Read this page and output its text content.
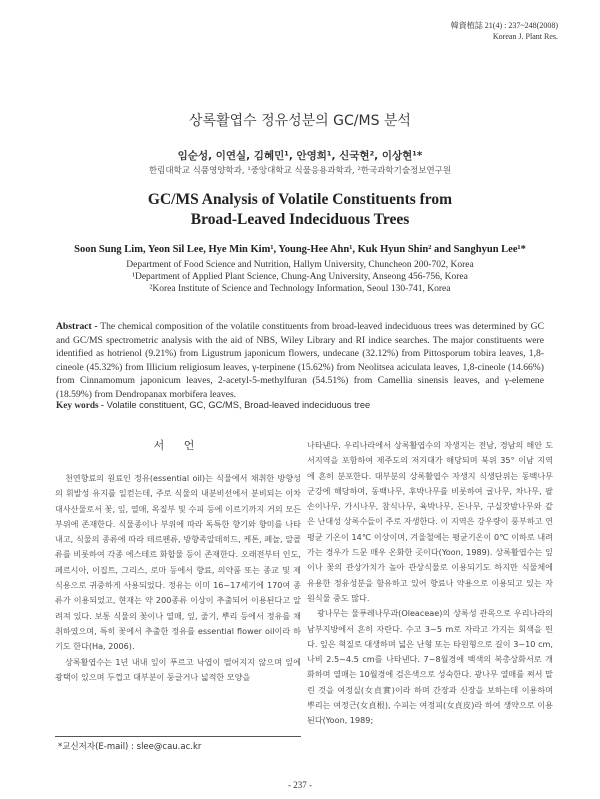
韓資植誌 21(4) : 237~248(2008)
Korean J. Plant Res.
상록활엽수 정유성분의 GC/MS 분석
임순성, 이연실, 김혜민¹, 안영희¹, 신국현², 이상현¹*
한림대학교 식품영양학과, ¹중앙대학교 식물응용과학과, ²한국과학기술정보연구원
GC/MS Analysis of Volatile Constituents from
Broad-Leaved Indeciduous Trees
Soon Sung Lim, Yeon Sil Lee, Hye Min Kim¹, Young-Hee Ahn¹, Kuk Hyun Shin² and Sanghyun Lee¹*
Department of Food Science and Nutrition, Hallym University, Chuncheon 200-702, Korea
¹Department of Applied Plant Science, Chung-Ang University, Anseong 456-756, Korea
²Korea Institute of Science and Technology Information, Seoul 130-741, Korea
Abstract - The chemical composition of the volatile constituents from broad-leaved indeciduous trees was determined by GC and GC/MS spectrometric analysis with the aid of NBS, Wiley Library and RI indice searches. The major constituents were identified as hotrienol (9.21%) from Ligustrum japonicum flowers, undecane (32.12%) from Pittosporum tobira leaves, 1,8-cineole (45.32%) from Illicium religiosum leaves, γ-terpinene (15.62%) from Neolitsea aciculata leaves, 1,8-cineole (14.66%) from Cinnamomum japonicum leaves, 2-acetyl-5-methylfuran (54.51%) from Camellia sinensis leaves, and γ-elemene (18.59%) from Dendropanax morbifera leaves.
Key words - Volatile constituent, GC, GC/MS, Broad-leaved indeciduous tree
서 언

천연향료의 원료인 정유(essential oil)는 식물에서 채취한 방향성의 휘발성 유지를 일컫는데, 주로 식물의 내분비선에서 분비되는 이차대사산물로서 꽃, 잎, 열매, 목질부 및 수피 등에 이르기까지 거의 모든 부위에 존재한다. 식물종이나 부위에 따라 독특한 향기와 향미를 나타내고, 식물의 종류에 따라 테르펜류, 방향족알데히드, 케톤, 페놀, 알콜류를 비롯하여 각종 에스테르 화합물 등이 존재한다. 오래전부터 인도, 페르시아, 이집트, 그리스, 로마 등에서 향료, 의약품 또는 종교 및 제식용으로 귀중하게 사용되었다. 정유는 이미 16~17세기에 170여 종류가 이용되었고, 현재는 약 200종류 이상이 추출되어 이용된다고 알려져 있다. 보통 식물의 꽃이나 열매, 잎, 줄기, 뿌리 등에서 정유를 채취하였으며, 특히 꽃에서 추출한 정유를 essential flower oil이라 하기도 한다(Ha, 2006).

상록활엽수는 1년 내내 잎이 푸르고 낙엽이 떨어지지 않으며 잎에 광택이 있으며 두껍고 대부분이 둥글거나 넓적한 모양을

나타낸다. 우리나라에서 상록활엽수의 자생지는 전남, 경남의 해안 도서지역을 포함하여 제주도의 저지대가 해당되며 북위 35° 이남 지역에 흔히 분포한다. 대부분의 상록활엽수 자생지 식생단위는 동백나무군강에 해당하며, 동백나무, 후박나무를 비롯하여 굴나무, 차나무, 팔손이나무, 가시나무, 참식나무, 육박나무, 돈나무, 구실잣밤나무와 같은 난대성 상록수들이 주로 자생한다. 이 지역은 강우량이 풍부하고 연평균 기온이 14℃ 이상이며, 겨울철에는 평균기온이 0℃ 이하로 내려가는 경우가 드문 매우 온화한 곳이다(Yoon, 1989). 상록활엽수는 잎이나 꽃의 관상가치가 높아 관상식물로 이용되기도 하지만 식물체에 유용한 정유성분을 함유하고 있어 향료나 약용으로 이용되고 있는 자원식물 중도 많다.

광나무는 물푸레나무과(Oleaceae)의 상록성 관목으로 우리나라의 남부지방에서 흔히 자란다. 수고 3~5 m로 자라고 가지는 회색을 띈다. 잎은 혁질로 대생하며 넓은 난형 또는 타원형으로 길이 3~10 cm, 나비 2.5~4.5 cm를 나타낸다. 7~8월경에 백색의 복총상화서로 개화하며 열매는 10월경에 검은색으로 성숙한다. 광나무 열매를 쪄서 말린 것을 여정실(女貞實)이라 하며 간장과 신장을 보하는데 이용하며 뿌리는 여정근(女貞根), 수피는 여정피(女貞皮)라 하여 생약으로 이용된다(Yoon, 1989;

*교신저자(E-mail) : slee@cau.ac.kr
- 237 -
